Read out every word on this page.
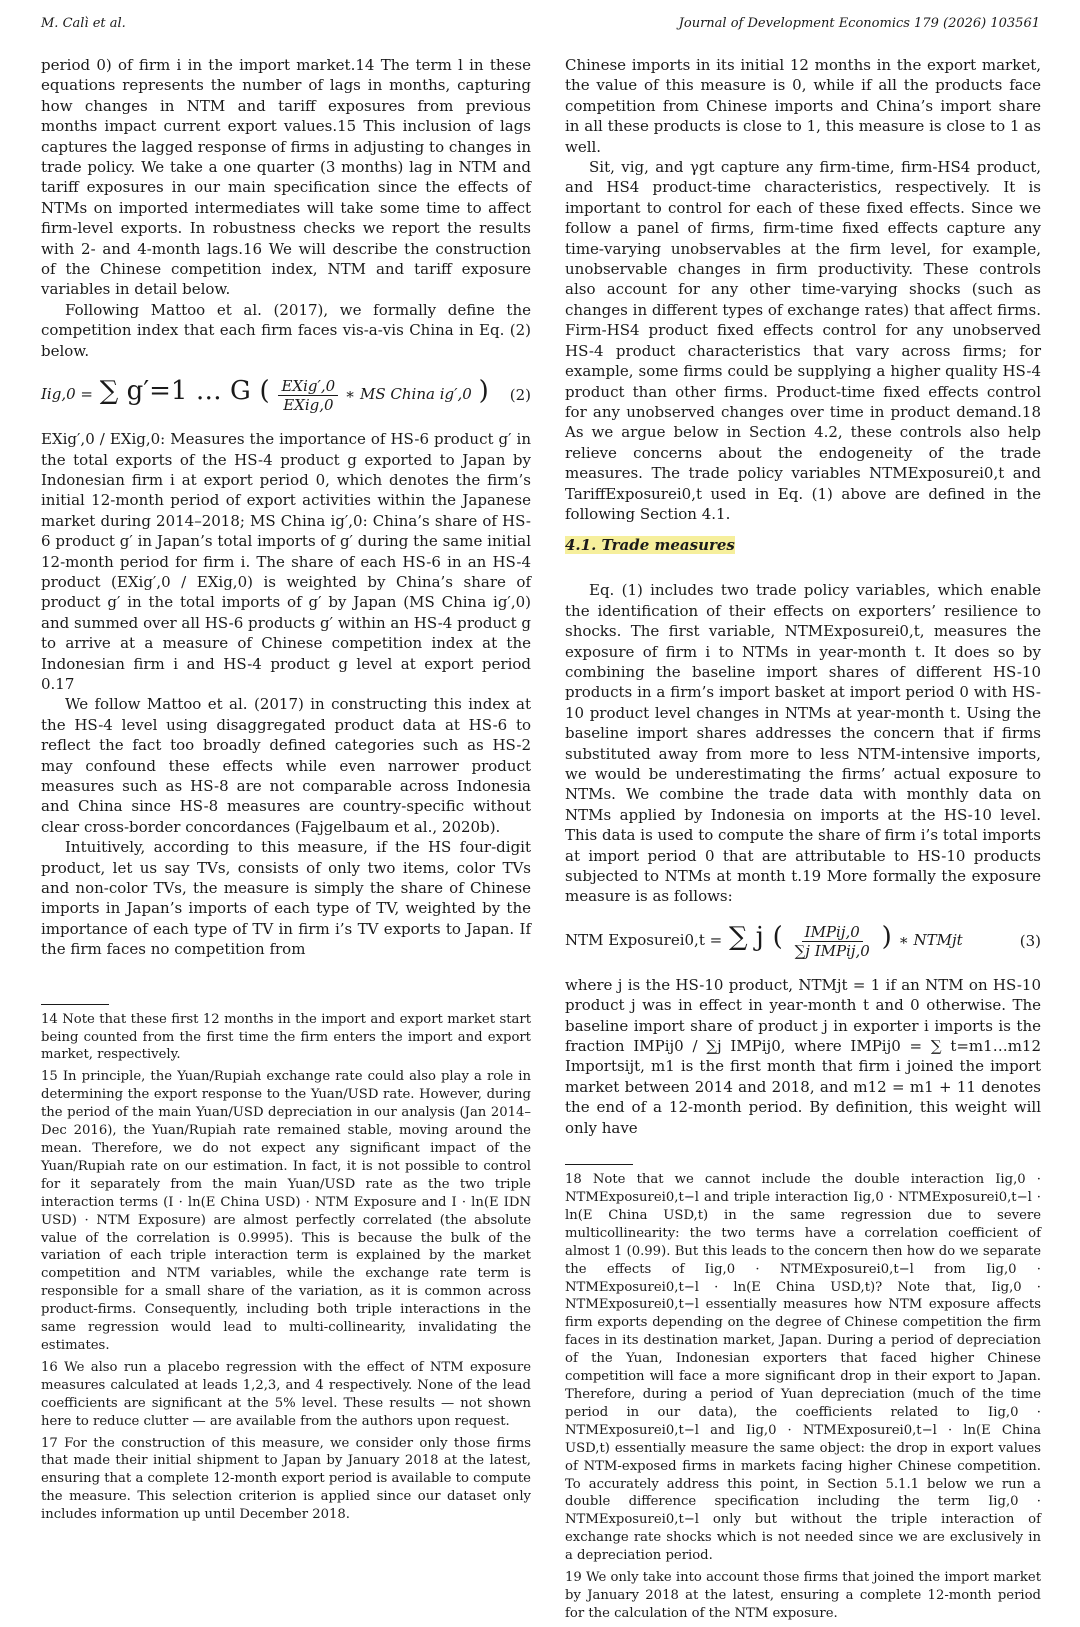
M. Calì et al.	Journal of Development Economics 179 (2026) 103561

period 0) of firm i in the import market.14 The term l in these equations represents the number of lags in months, capturing how changes in NTM and tariff exposures from previous months impact current export values.15 This inclusion of lags captures the lagged response of firms in adjusting to changes in trade policy. We take a one quarter (3 months) lag in NTM and tariff exposures in our main specification since the effects of NTMs on imported intermediates will take some time to affect firm-level exports. In robustness checks we report the results with 2- and 4-month lags.16 We will describe the construction of the Chinese competition index, NTM and tariff exposure variables in detail below.

Following Mattoo et al. (2017), we formally define the competition index that each firm faces vis-a-vis China in Eq. (2) below.

Iig,0 = ∑ g′=1 … G ( $\frac{\text{EXig′,0}}{\text{EXig,0}}$ ∗ MS China ig′,0 ) (2)

EXig′,0 / EXig,0: Measures the importance of HS-6 product g′ in the total exports of the HS-4 product g exported to Japan by Indonesian firm i at export period 0, which denotes the firm’s initial 12-month period of export activities within the Japanese market during 2014–2018; MS China ig′,0: China’s share of HS-6 product g′ in Japan’s total imports of g′ during the same initial 12-month period for firm i. The share of each HS-6 in an HS-4 product (EXig′,0 / EXig,0) is weighted by China’s share of product g′ in the total imports of g′ by Japan (MS China ig′,0) and summed over all HS-6 products g′ within an HS-4 product g to arrive at a measure of Chinese competition index at the Indonesian firm i and HS-4 product g level at export period 0.17

We follow Mattoo et al. (2017) in constructing this index at the HS-4 level using disaggregated product data at HS-6 to reflect the fact too broadly defined categories such as HS-2 may confound these effects while even narrower product measures such as HS-8 are not comparable across Indonesia and China since HS-8 measures are country-specific without clear cross-border concordances (Fajgelbaum et al., 2020b).

Intuitively, according to this measure, if the HS four-digit product, let us say TVs, consists of only two items, color TVs and non-color TVs, the measure is simply the share of Chinese imports in Japan’s imports of each type of TV, weighted by the importance of each type of TV in firm i’s TV exports to Japan. If the firm faces no competition from

14 Note that these first 12 months in the import and export market start being counted from the first time the firm enters the import and export market, respectively.

15 In principle, the Yuan/Rupiah exchange rate could also play a role in determining the export response to the Yuan/USD rate. However, during the period of the main Yuan/USD depreciation in our analysis (Jan 2014–Dec 2016), the Yuan/Rupiah rate remained stable, moving around the mean. Therefore, we do not expect any significant impact of the Yuan/Rupiah rate on our estimation. In fact, it is not possible to control for it separately from the main Yuan/USD rate as the two triple interaction terms (I · ln(E China USD) · NTM Exposure and I · ln(E IDN USD) · NTM Exposure) are almost perfectly correlated (the absolute value of the correlation is 0.9995). This is because the bulk of the variation of each triple interaction term is explained by the market competition and NTM variables, while the exchange rate term is responsible for a small share of the variation, as it is common across product-firms. Consequently, including both triple interactions in the same regression would lead to multi-collinearity, invalidating the estimates.

16 We also run a placebo regression with the effect of NTM exposure measures calculated at leads 1,2,3, and 4 respectively. None of the lead coefficients are significant at the 5% level. These results — not shown here to reduce clutter — are available from the authors upon request.

17 For the construction of this measure, we consider only those firms that made their initial shipment to Japan by January 2018 at the latest, ensuring that a complete 12-month export period is available to compute the measure. This selection criterion is applied since our dataset only includes information up until December 2018.

Chinese imports in its initial 12 months in the export market, the value of this measure is 0, while if all the products face competition from Chinese imports and China’s import share in all these products is close to 1, this measure is close to 1 as well.

Sit, vig, and γgt capture any firm-time, firm-HS4 product, and HS4 product-time characteristics, respectively. It is important to control for each of these fixed effects. Since we follow a panel of firms, firm-time fixed effects capture any time-varying unobservables at the firm level, for example, unobservable changes in firm productivity. These controls also account for any other time-varying shocks (such as changes in different types of exchange rates) that affect firms. Firm-HS4 product fixed effects control for any unobserved HS-4 product characteristics that vary across firms; for example, some firms could be supplying a higher quality HS-4 product than other firms. Product-time fixed effects control for any unobserved changes over time in product demand.18 As we argue below in Section 4.2, these controls also help relieve concerns about the endogeneity of the trade measures. The trade policy variables NTMExposurei0,t and TariffExposurei0,t used in Eq. (1) above are defined in the following Section 4.1.

4.1. Trade measures

Eq. (1) includes two trade policy variables, which enable the identification of their effects on exporters’ resilience to shocks. The first variable, NTMExposurei0,t, measures the exposure of firm i to NTMs in year-month t. It does so by combining the baseline import shares of different HS-10 products in a firm’s import basket at import period 0 with HS-10 product level changes in NTMs at year-month t. Using the baseline import shares addresses the concern that if firms substituted away from more to less NTM-intensive imports, we would be underestimating the firms’ actual exposure to NTMs. We combine the trade data with monthly data on NTMs applied by Indonesia on imports at the HS-10 level. This data is used to compute the share of firm i’s total imports at import period 0 that are attributable to HS-10 products subjected to NTMs at month t.19 More formally the exposure measure is as follows:

NTM Exposurei0,t = ∑ j ( $\frac{\text{IMPij,0}}{\text{∑j IMPij,0}}$ ) ∗ NTMjt	(3)

where j is the HS-10 product, NTMjt = 1 if an NTM on HS-10 product j was in effect in year-month t and 0 otherwise. The baseline import share of product j in exporter i imports is the fraction IMPij0 / ∑j IMPij0, where IMPij0 = ∑ t=m1…m12 Importsijt, m1 is the first month that firm i joined the import market between 2014 and 2018, and m12 = m1 + 11 denotes the end of a 12-month period. By definition, this weight will only have

18 Note that we cannot include the double interaction Iig,0 · NTMExposurei0,t−l and triple interaction Iig,0 · NTMExposurei0,t−l · ln(E China USD,t) in the same regression due to severe multicollinearity: the two terms have a correlation coefficient of almost 1 (0.99). But this leads to the concern then how do we separate the effects of Iig,0 · NTMExposurei0,t−l from Iig,0 · NTMExposurei0,t−l · ln(E China USD,t)? Note that, Iig,0 · NTMExposurei0,t−l essentially measures how NTM exposure affects firm exports depending on the degree of Chinese competition the firm faces in its destination market, Japan. During a period of depreciation of the Yuan, Indonesian exporters that faced higher Chinese competition will face a more significant drop in their export to Japan. Therefore, during a period of Yuan depreciation (much of the time period in our data), the coefficients related to Iig,0 · NTMExposurei0,t−l and Iig,0 · NTMExposurei0,t−l · ln(E China USD,t) essentially measure the same object: the drop in export values of NTM-exposed firms in markets facing higher Chinese competition. To accurately address this point, in Section 5.1.1 below we run a double difference specification including the term Iig,0 · NTMExposurei0,t−l only but without the triple interaction of exchange rate shocks which is not needed since we are exclusively in a depreciation period.

19 We only take into account those firms that joined the import market by January 2018 at the latest, ensuring a complete 12-month period for the calculation of the NTM exposure.
